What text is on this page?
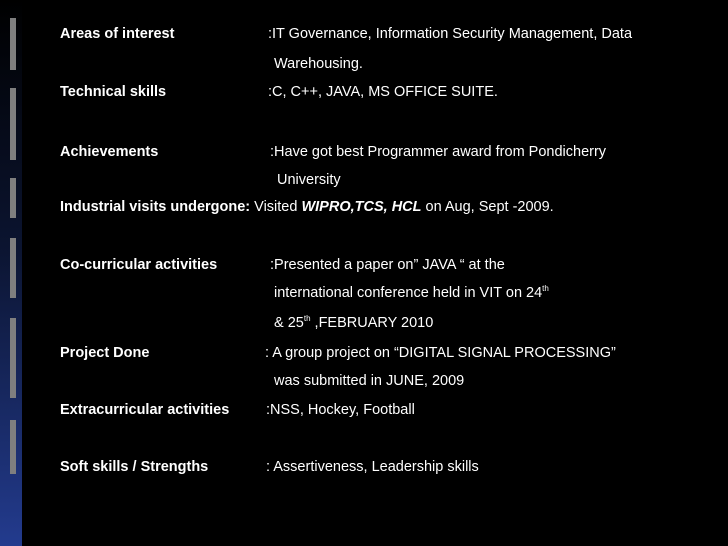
Areas of interest	:IT Governance, Information Security Management, Data
Warehousing.
Technical skills	:C, C++, JAVA, MS OFFICE SUITE.
Achievements	:Have got best Programmer award from Pondicherry
University
Industrial visits undergone: Visited WIPRO,TCS, HCL on Aug, Sept -2009.
Co-curricular activities	:Presented a paper on” JAVA “ at the
international conference held in VIT on 24th
& 25th ,FEBRUARY 2010
Project Done	: A group project on “DIGITAL SIGNAL PROCESSING”
was submitted in JUNE, 2009
Extracurricular activities	:NSS, Hockey, Football
Soft skills / Strengths	: Assertiveness, Leadership skills
